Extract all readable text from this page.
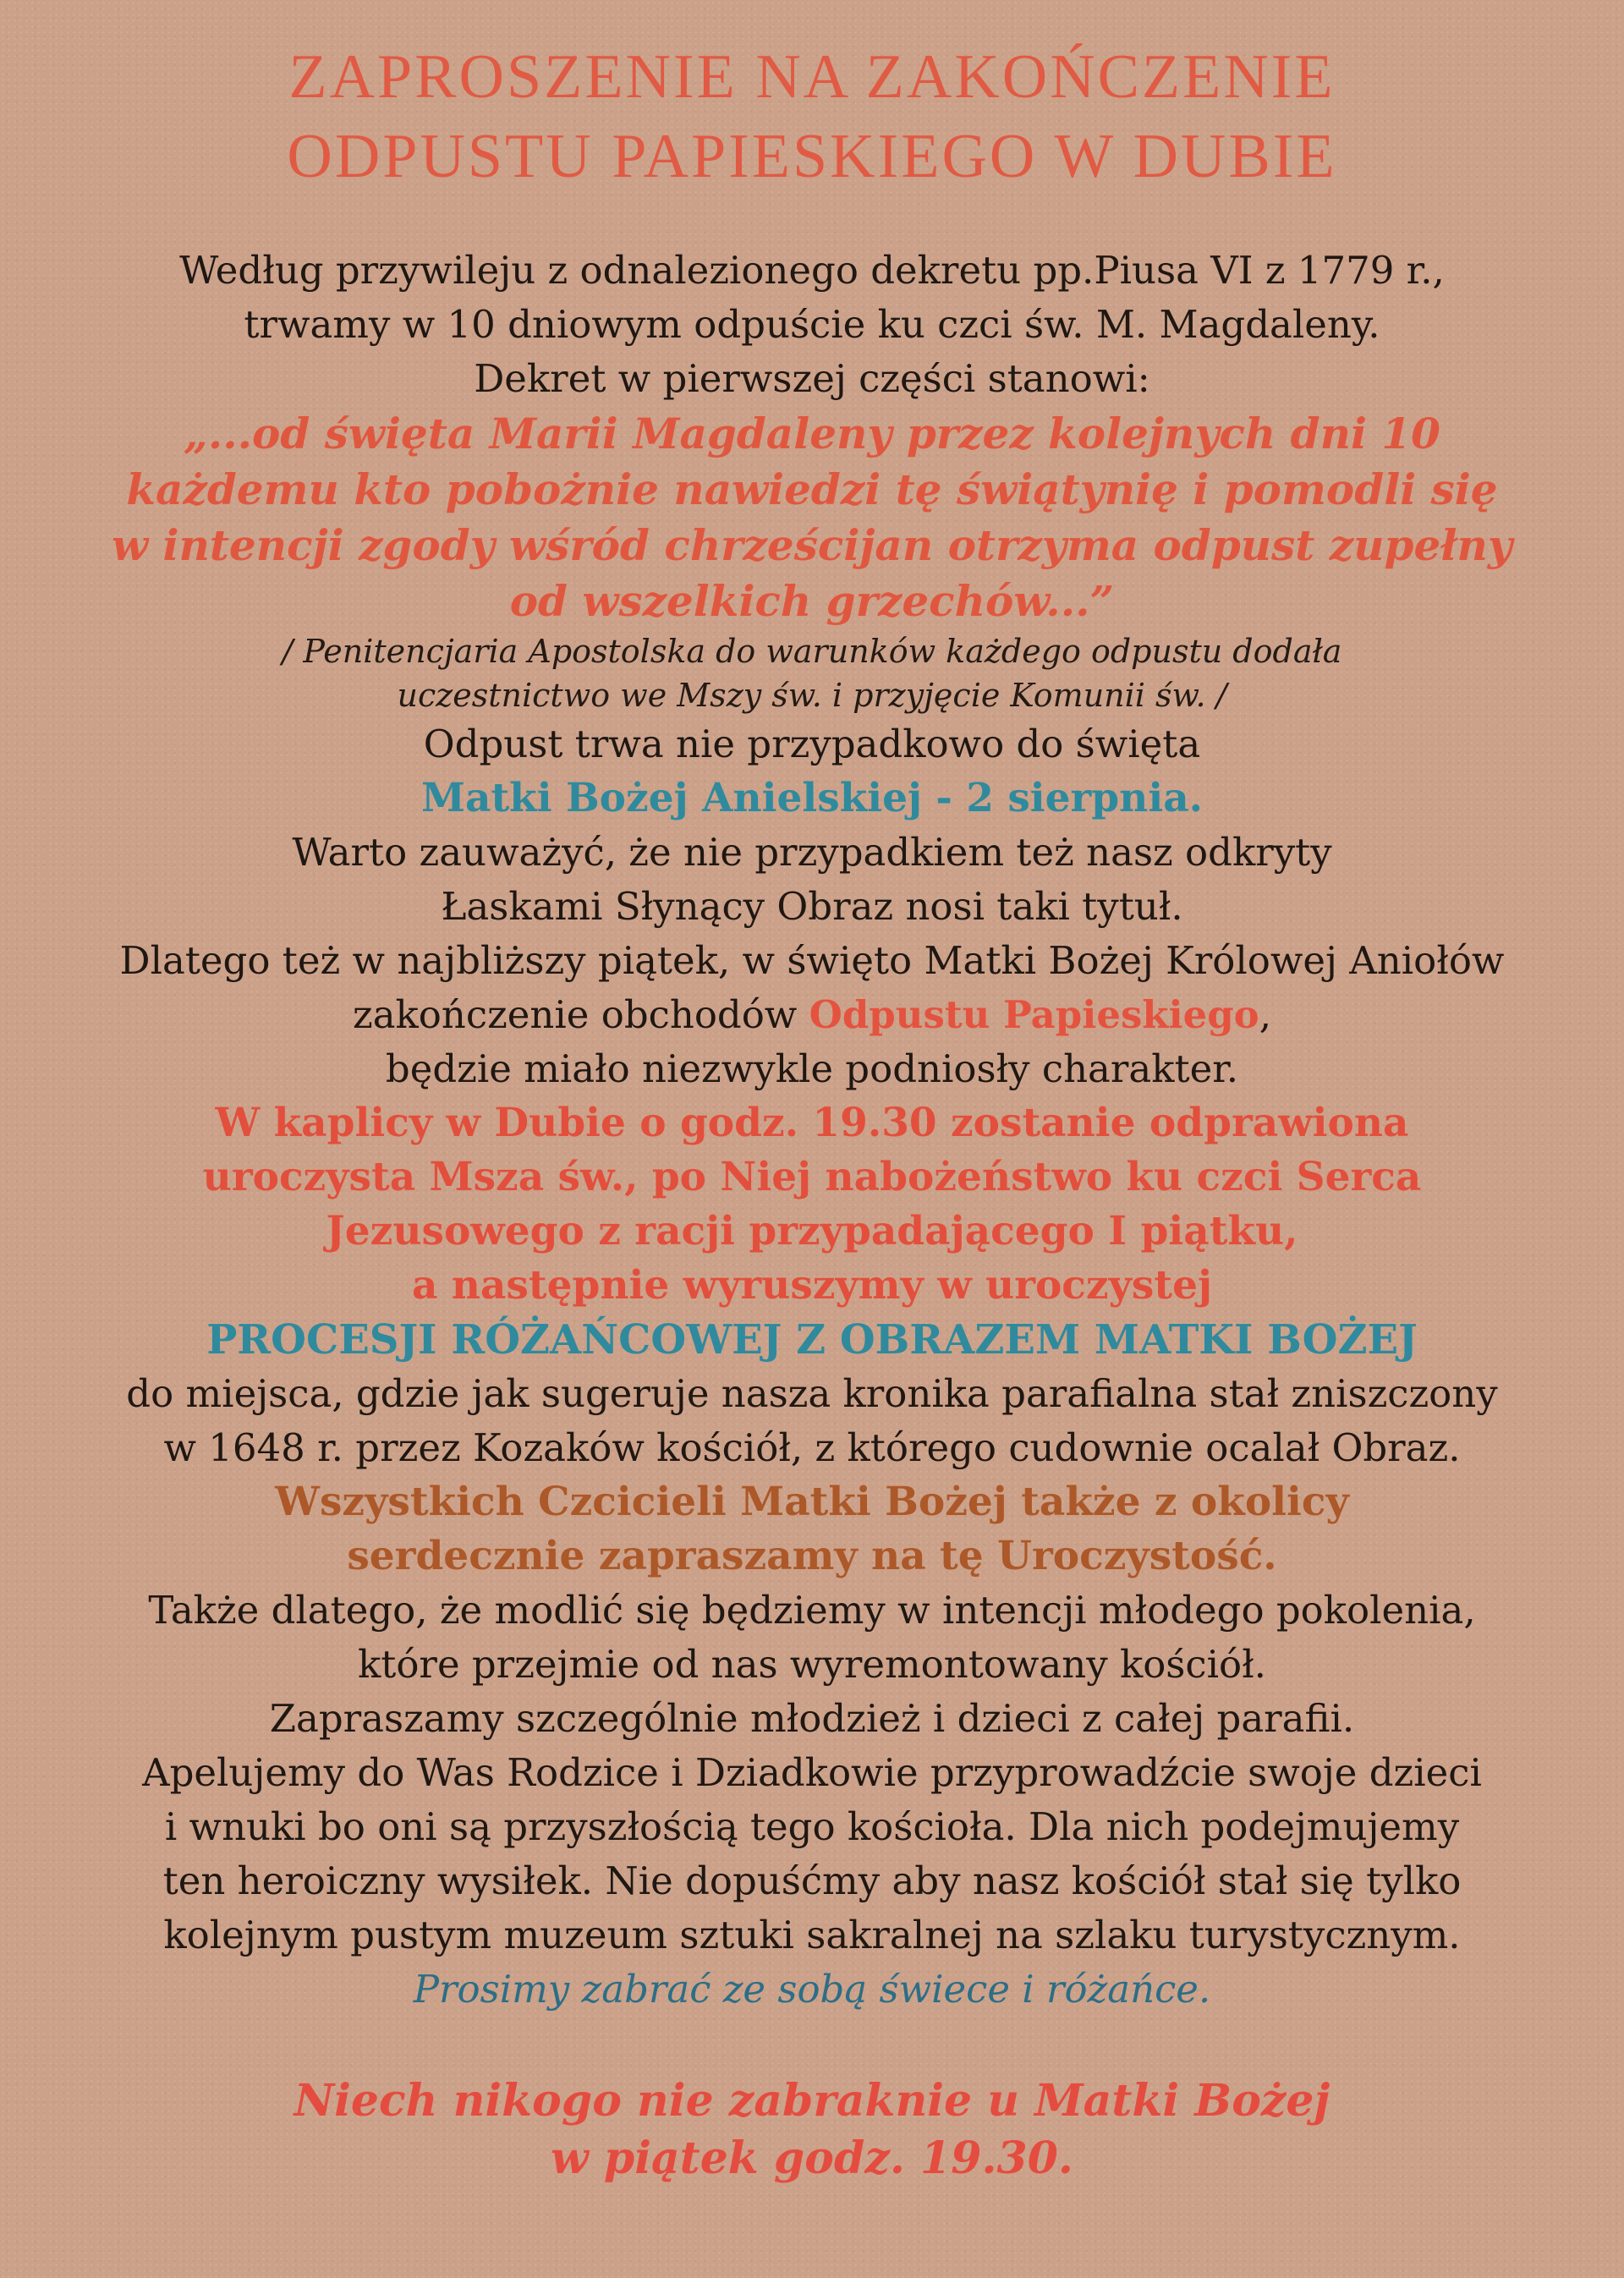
ZAPROSZENIE NA ZAKOŃCZENIE
ODPUSTU PAPIESKIEGO W DUBIE
Według przywileju z odnalezionego dekretu pp.Piusa VI z 1779 r.,
trwamy w 10 dniowym odpuście ku czci św. M. Magdaleny.
Dekret w pierwszej części stanowi:
„...od święta Marii Magdaleny przez kolejnych dni 10
każdemu kto pobożnie nawiedzi tę świątynię i pomodli się
w intencji zgody wśród chrześcijan otrzyma odpust zupełny
od wszelkich grzechów...”
/ Penitencjaria Apostolska do warunków każdego odpustu dodała
uczestnictwo we Mszy św. i przyjęcie Komunii św. /
Odpust trwa nie przypadkowo do święta
Matki Bożej Anielskiej - 2 sierpnia.
Warto zauważyć, że nie przypadkiem też nasz odkryty
Łaskami Słynący Obraz nosi taki tytuł.
Dlatego też w najbliższy piątek, w święto Matki Bożej Królowej Aniołów
zakończenie obchodów Odpustu Papieskiego,
będzie miało niezwykle podniosły charakter.
W kaplicy w Dubie o godz. 19.30 zostanie odprawiona
uroczysta Msza św., po Niej nabożeństwo ku czci Serca
Jezusowego z racji przypadającego I piątku,
a następnie wyruszymy w uroczystej
PROCESJI RÓŻAŃCOWEJ Z OBRAZEM MATKI BOŻEJ
do miejsca, gdzie jak sugeruje nasza kronika parafialna stał zniszczony
w 1648 r. przez Kozaków kościół, z którego cudownie ocalał Obraz.
Wszystkich Czcicieli Matki Bożej także z okolicy
serdecznie zapraszamy na tę Uroczystość.
Także dlatego, że modlić się będziemy w intencji młodego pokolenia,
które przejmie od nas wyremontowany kościół.
Zapraszamy szczególnie młodzież i dzieci z całej parafii.
Apelujemy do Was Rodzice i Dziadkowie przyprowadźcie swoje dzieci
i wnuki bo oni są przyszłością tego kościoła. Dla nich podejmujemy
ten heroiczny wysiłek. Nie dopuśćmy aby nasz kościół stał się tylko
kolejnym pustym muzeum sztuki sakralnej na szlaku turystycznym.
Prosimy zabrać ze sobą świece i różańce.
Niech nikogo nie zabraknie u Matki Bożej
w piątek godz. 19.30.
